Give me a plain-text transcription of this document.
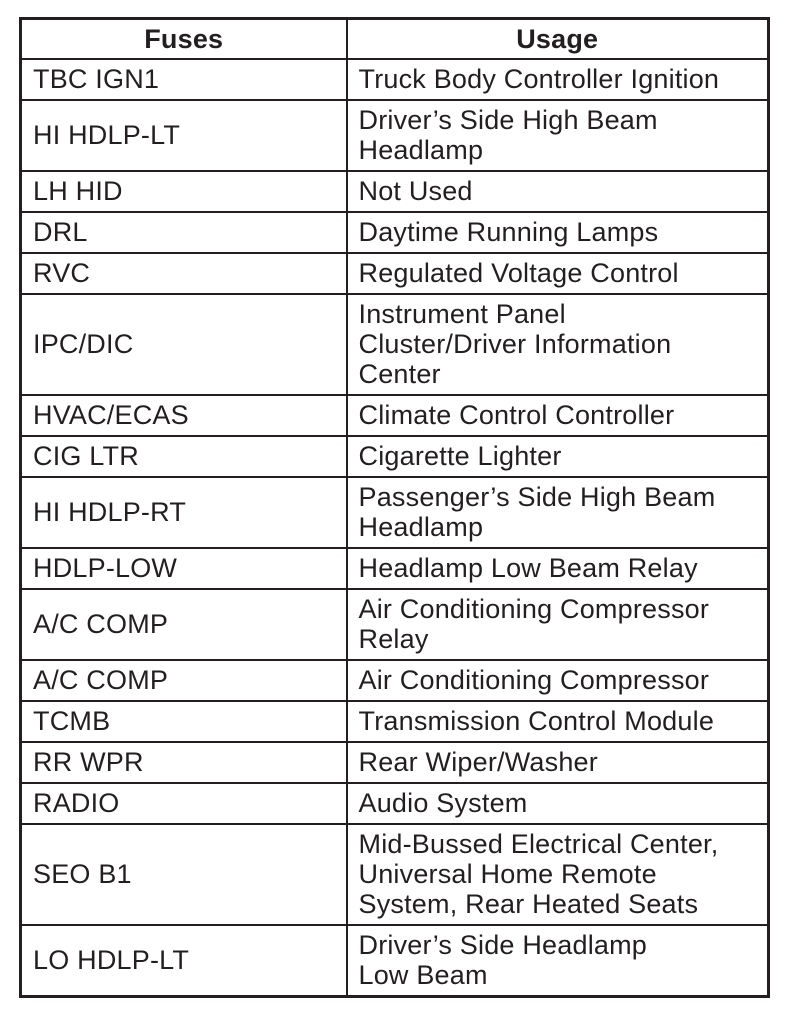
Fuses	Usage
TBC IGN1	Truck Body Controller Ignition

HI HDLP-LT	Driver’s Side High Beam
Headlamp

LH HID	Not Used

DRL	Daytime Running Lamps

RVC	Regulated Voltage Control

IPC/DIC	Instrument Panel
Cluster/Driver Information
Center

HVAC/ECAS	Climate Control Controller

CIG LTR	Cigarette Lighter

HI HDLP-RT	Passenger’s Side High Beam
Headlamp

HDLP-LOW	Headlamp Low Beam Relay

A/C COMP	Air Conditioning Compressor
Relay

A/C COMP	Air Conditioning Compressor

TCMB	Transmission Control Module

RR WPR	Rear Wiper/Washer

RADIO	Audio System

SEO B1	Mid-Bussed Electrical Center,
Universal Home Remote
System, Rear Heated Seats

LO HDLP-LT	Driver’s Side Headlamp
Low Beam
